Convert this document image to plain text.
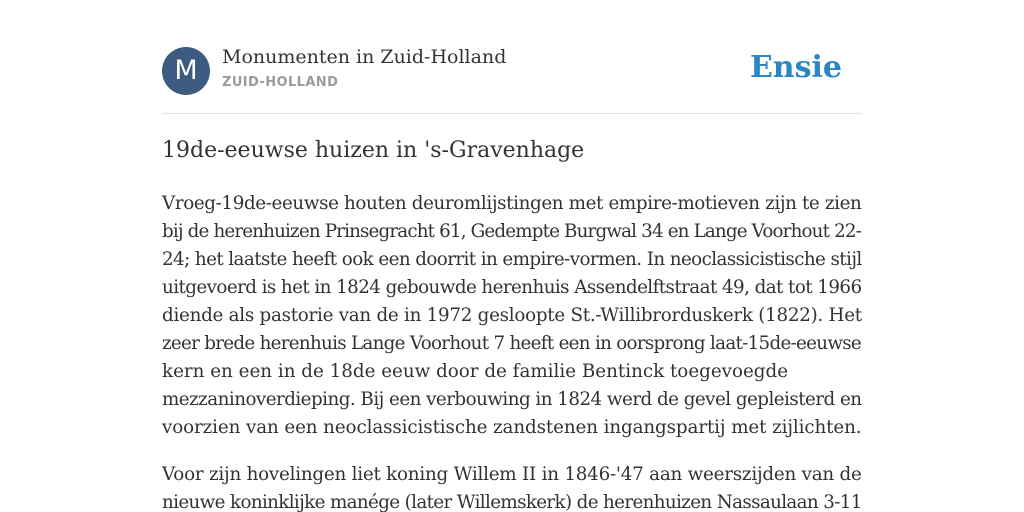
M	Monumenten in Zuid-Holland
ZUID-HOLLAND	Ensie
19de-eeuwse huizen in 's-Gravenhage

Vroeg-19de-eeuwse houten deuromlijstingen met empire-motieven zijn te zien
bij de herenhuizen Prinsegracht 61, Gedempte Burgwal 34 en Lange Voorhout 22-
24; het laatste heeft ook een doorrit in empire-vormen. In neoclassicistische stijl
uitgevoerd is het in 1824 gebouwde herenhuis Assendelftstraat 49, dat tot 1966
diende als pastorie van de in 1972 gesloopte St.-Willibrorduskerk (1822). Het
zeer brede herenhuis Lange Voorhout 7 heeft een in oorsprong laat-15de-eeuwse
kern en een in de 18de eeuw door de familie Bentinck toegevoegde
mezzaninoverdieping. Bij een verbouwing in 1824 werd de gevel gepleisterd en
voorzien van een neoclassicistische zandstenen ingangspartij met zijlichten.

Voor zijn hovelingen liet koning Willem II in 1846-'47 aan weerszijden van de
nieuwe koninklijke manége (later Willemskerk) de herenhuizen Nassaulaan 3-11
